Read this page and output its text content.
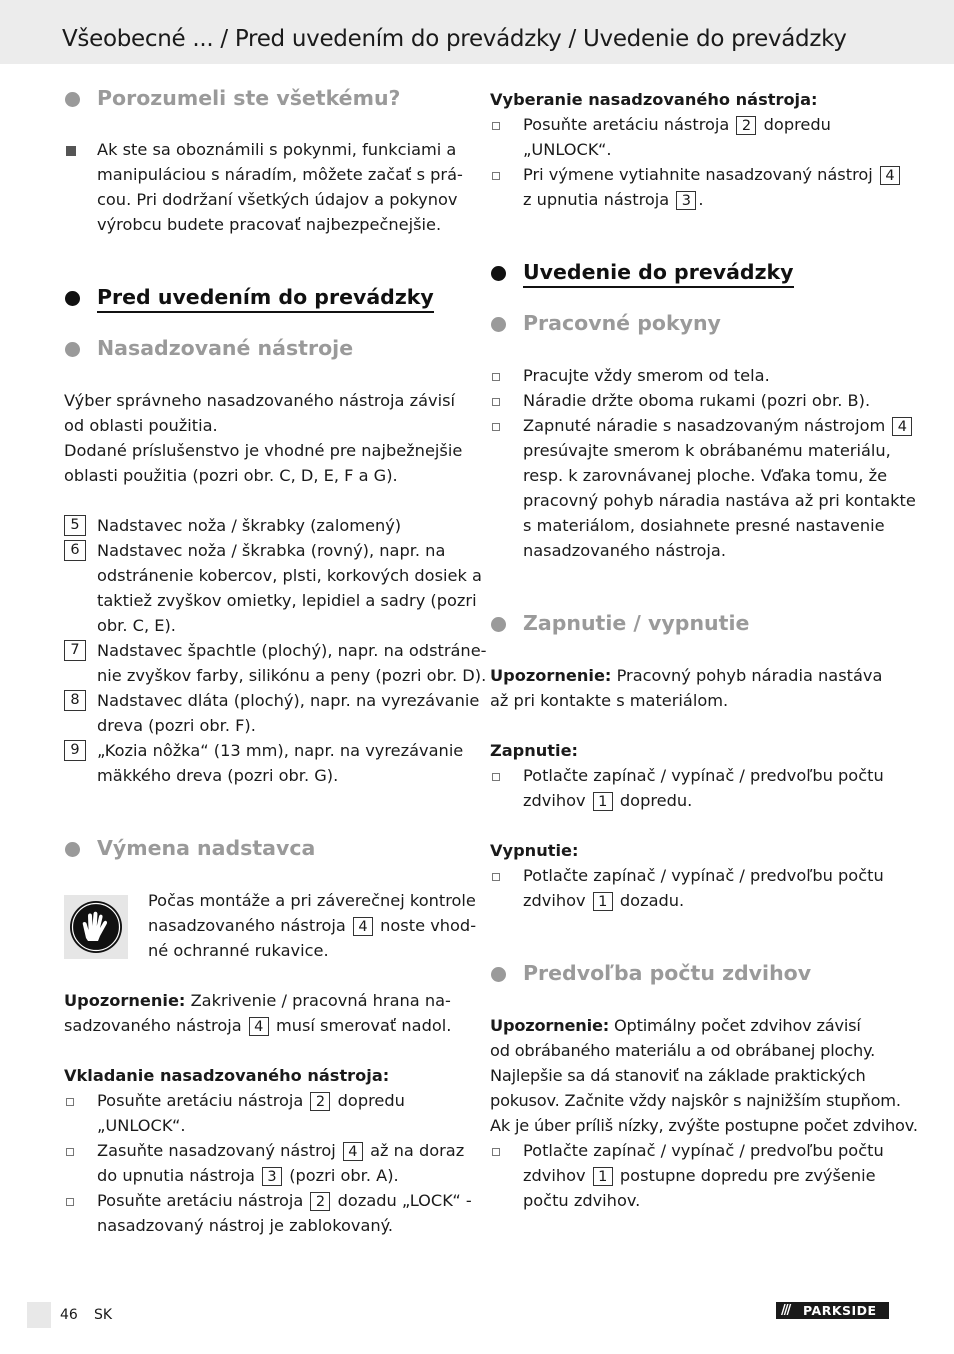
Všeobecné ... / Pred uvedením do prevádzky / Uvedenie do prevádzky
Porozumeli ste všetkému?
Ak ste sa oboznámili s pokynmi, funkciami a
manipuláciou s náradím, môžete začať s prá-
cou. Pri dodržaní všetkých údajov a pokynov
výrobcu budete pracovať najbezpečnejšie.
Pred uvedením do prevádzky
Nasadzované nástroje
Výber správneho nasadzovaného nástroja závisí
od oblasti použitia.
Dodané príslušenstvo je vhodné pre najbežnejšie
oblasti použitia (pozri obr. C, D, E, F a G).
5	Nadstavec noža / škrabky (zalomený)
6	Nadstavec noža / škrabka (rovný), napr. na
odstránenie kobercov, plsti, korkových dosiek a
taktiež zvyškov omietky, lepidiel a sadry (pozri
obr. C, E).
7	Nadstavec špachtle (plochý), napr. na odstráne-
nie zvyškov farby, silikónu a peny (pozri obr. D).
8	Nadstavec dláta (plochý), napr. na vyrezávanie
dreva (pozri obr. F).
9	„Kozia nôžka“ (13 mm), napr. na vyrezávanie
mäkkého dreva (pozri obr. G).
Výmena nadstavca
Počas montáže a pri záverečnej kontrole
nasadzovaného nástroja 4 noste vhod-
né ochranné rukavice.
Upozornenie: Zakrivenie / pracovná hrana na-
sadzovaného nástroja 4 musí smerovať nadol.
Vkladanie nasadzovaného nástroja:
Posuňte aretáciu nástroja 2 dopredu
„UNLOCK“.
Zasuňte nasadzovaný nástroj 4 až na doraz
do upnutia nástroja 3 (pozri obr. A).
Posuňte aretáciu nástroja 2 dozadu „LOCK“ -
nasadzovaný nástroj je zablokovaný.
Vyberanie nasadzovaného nástroja:
Posuňte aretáciu nástroja 2 dopredu
„UNLOCK“.
Pri výmene vytiahnite nasadzovaný nástroj 4
z upnutia nástroja 3 .
Uvedenie do prevádzky
Pracovné pokyny
Pracujte vždy smerom od tela.
Náradie držte oboma rukami (pozri obr. B).
Zapnuté náradie s nasadzovaným nástrojom 4
presúvajte smerom k obrábanému materiálu,
resp. k zarovnávanej ploche. Vďaka tomu, že
pracovný pohyb náradia nastáva až pri kontakte
s materiálom, dosiahnete presné nastavenie
nasadzovaného nástroja.
Zapnutie / vypnutie
Upozornenie: Pracovný pohyb náradia nastáva
až pri kontakte s materiálom.
Zapnutie:
Potlačte zapínač / vypínač / predvoľbu počtu
zdvihov 1 dopredu.
Vypnutie:
Potlačte zapínač / vypínač / predvoľbu počtu
zdvihov 1 dozadu.
Predvoľba počtu zdvihov
Upozornenie: Optimálny počet zdvihov závisí
od obrábaného materiálu a od obrábanej plochy.
Najlepšie sa dá stanoviť na základe praktických
pokusov. Začnite vždy najskôr s najnižším stupňom.
Ak je úber príliš nízky, zvýšte postupne počet zdvihov.
Potlačte zapínač / vypínač / predvoľbu počtu
zdvihov 1 postupne dopredu pre zvýšenie
počtu zdvihov.
46 SK	/// PARKSIDE
